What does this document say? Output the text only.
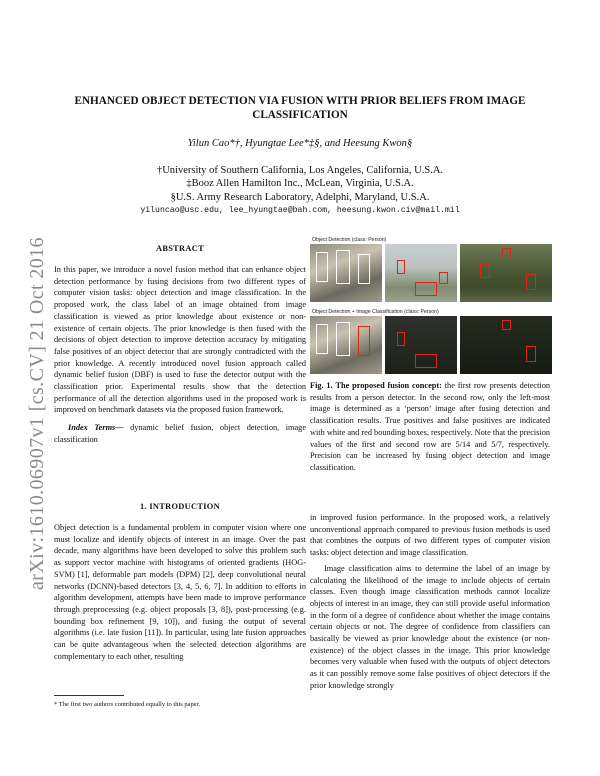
arXiv:1610.06907v1 [cs.CV] 21 Oct 2016
ENHANCED OBJECT DETECTION VIA FUSION WITH PRIOR BELIEFS FROM IMAGE CLASSIFICATION
Yilun Cao*†, Hyungtae Lee*‡§, and Heesung Kwon§
†University of Southern California, Los Angeles, California, U.S.A.
‡Booz Allen Hamilton Inc., McLean, Virginia, U.S.A.
§U.S. Army Research Laboratory, Adelphi, Maryland, U.S.A.
yiluncao@usc.edu, lee_hyungtae@bah.com, heesung.kwon.civ@mail.mil
ABSTRACT

In this paper, we introduce a novel fusion method that can enhance object detection performance by fusing decisions from two different types of computer vision tasks: object detection and image classification. In the proposed work, the class label of an image obtained from image classification is viewed as prior knowledge about existence or non-existence of certain objects. The prior knowledge is then fused with the decisions of object detection to improve detection accuracy by mitigating false positives of an object detector that are strongly contradicted with the prior knowledge. A recently introduced novel fusion approach called dynamic belief fusion (DBF) is used to fuse the detector output with the classification prior. Experimental results show that the detection performance of all the detection algorithms used in the proposed work is improved on benchmark datasets via the proposed fusion framework.

Index Terms— dynamic belief fusion, object detection, image classification

1. INTRODUCTION

Object detection is a fundamental problem in computer vision where one must localize and identify objects of interest in an image. Over the past decade, many algorithms have been developed to solve this problem such as support vector machine with histograms of oriented gradients (HOG-SVM) [1], deformable part models (DPM) [2], deep convolutional neural networks (DCNN)-based detectors [3, 4, 5, 6, 7]. In addition to efforts in algorithm development, attempts have been made to improve performance through preprocessing (e.g. object proposals [3, 8]), post-processing (e.g. bounding box refinement [9, 10]), and fusing the output of several algorithms (i.e. late fusion [11]). In particular, using late fusion approaches can be quite advantageous when the selected detection algorithms are complementary to each other, resulting

* The first two authors contributed equally to this paper.
Object Detection (class: Person)
Object Detection + Image Classification (class: Person)
Fig. 1. The proposed fusion concept: the first row presents detection results from a person detector. In the second row, only the left-most image is determined as a ‘person’ image after fusing detection and classification results. True positives and false positives are indicated with white and red bounding boxes, respectively. Note that the precision values of the first and second row are 5/14 and 5/7, respectively. Precision can be increased by fusing object detection and image classification.

in improved fusion performance. In the proposed work, a relatively unconventional approach compared to previous fusion methods is used that combines the outputs of two different types of computer vision tasks: object detection and image classification.

Image classification aims to determine the label of an image by calculating the likelihood of the image to include objects of certain classes. Even though image classification methods cannot localize objects of interest in an image, they can still provide useful information in the form of a degree of confidence about whether the image contains certain objects or not. The degree of confidence from classifiers can basically be viewed as prior knowledge about the existence (or non-existence) of the object classes in the image. This prior knowledge becomes very valuable when fused with the outputs of object detectors as it can possibly remove some false positives of object detectors if the prior knowledge strongly
